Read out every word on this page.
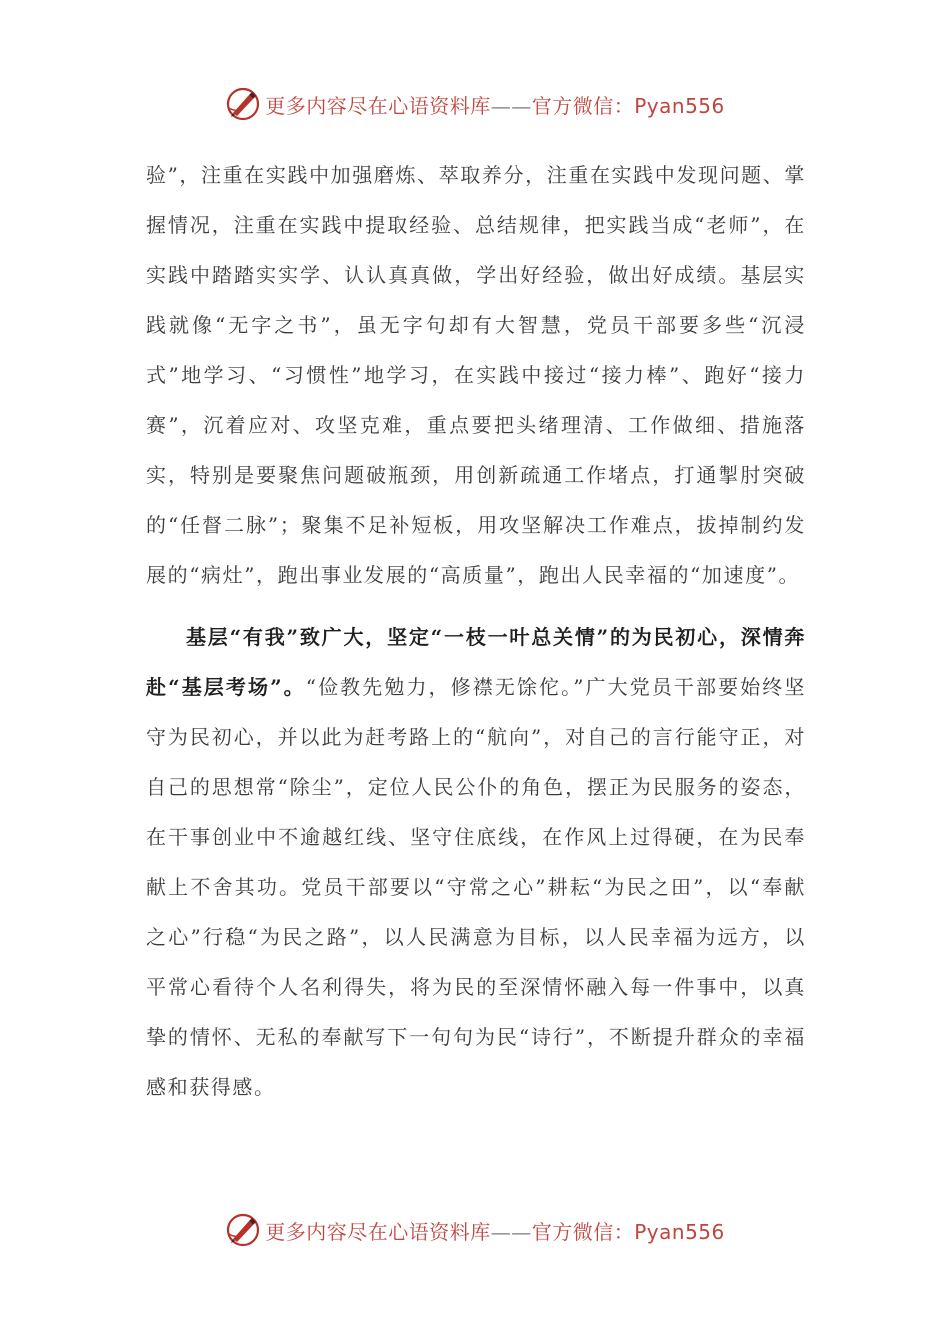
更多内容尽在心语资料库——官方微信：Pyan556

验”，注重在实践中加强磨炼、萃取养分，注重在实践中发现问题、掌握情况，注重在实践中提取经验、总结规律，把实践当成“老师”，在实践中踏踏实实学、认认真真做，学出好经验，做出好成绩。基层实践就像“无字之书”，虽无字句却有大智慧，党员干部要多些“沉浸式”地学习、“习惯性”地学习，在实践中接过“接力棒”、跑好“接力赛”，沉着应对、攻坚克难，重点要把头绪理清、工作做细、措施落实，特别是要聚焦问题破瓶颈，用创新疏通工作堵点，打通掣肘突破的“任督二脉”；聚集不足补短板，用攻坚解决工作难点，拔掉制约发展的“病灶”，跑出事业发展的“高质量”，跑出人民幸福的“加速度”。

基层“有我”致广大，坚定“一枝一叶总关情”的为民初心，深情奔赴“基层考场”。“俭教先勉力，修襟无馀佗。”广大党员干部要始终坚守为民初心，并以此为赶考路上的“航向”，对自己的言行能守正，对自己的思想常“除尘”，定位人民公仆的角色，摆正为民服务的姿态，在干事创业中不逾越红线、坚守住底线，在作风上过得硬，在为民奉献上不舍其功。党员干部要以“守常之心”耕耘“为民之田”，以“奉献之心”行稳“为民之路”，以人民满意为目标，以人民幸福为远方，以平常心看待个人名利得失，将为民的至深情怀融入每一件事中，以真挚的情怀、无私的奉献写下一句句为民“诗行”，不断提升群众的幸福感和获得感。

更多内容尽在心语资料库——官方微信：Pyan556
